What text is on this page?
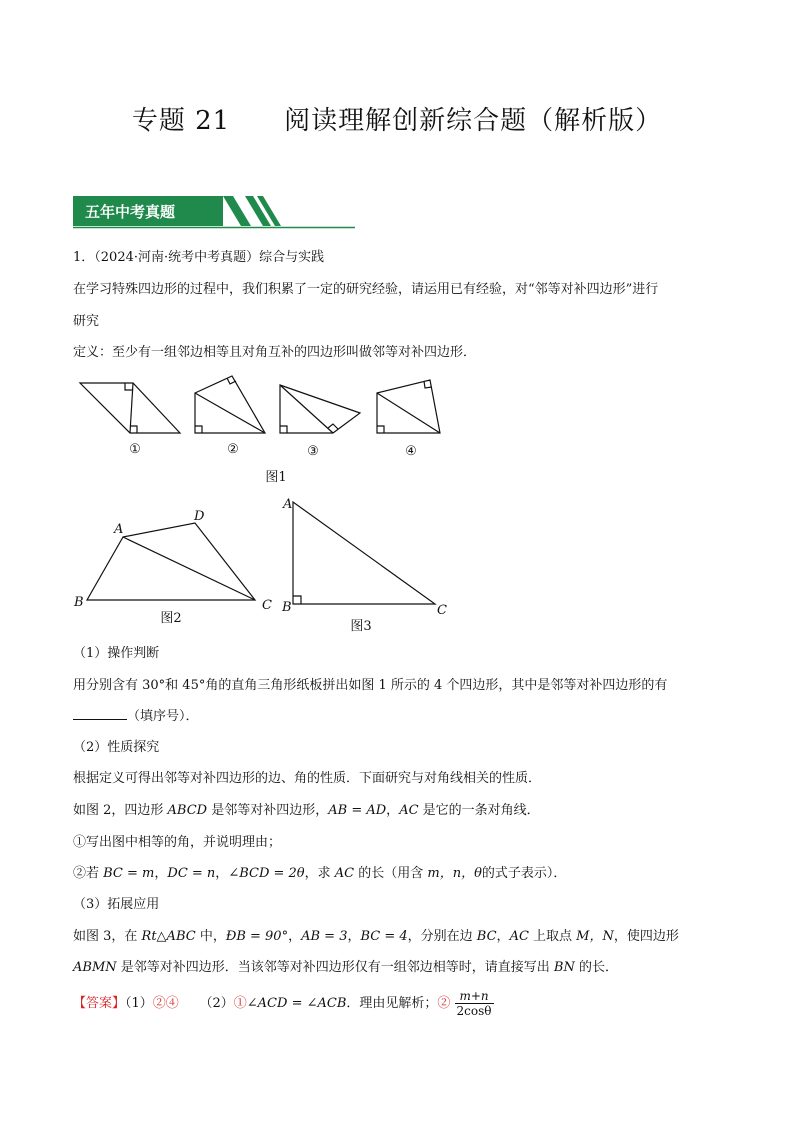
专题 21　　阅读理解创新综合题（解析版）
五年中考真题
1．（2024·河南·统考中考真题）综合与实践
在学习特殊四边形的过程中，我们积累了一定的研究经验，请运用已有经验，对“邻等对补四边形”进行
研究
定义：至少有一组邻边相等且对角互补的四边形叫做邻等对补四边形．
①	②	③	④
图1
A
D
B	C
图2
A
B	C
图3
（1）操作判断
用分别含有 30°和 45°角的直角三角形纸板拼出如图 1 所示的 4 个四边形，其中是邻等对补四边形的有
（填序号）．
（2）性质探究
根据定义可得出邻等对补四边形的边、角的性质．下面研究与对角线相关的性质．
如图 2，四边形 ABCD 是邻等对补四边形，AB = AD，AC 是它的一条对角线．
①写出图中相等的角，并说明理由；
②若 BC = m，DC = n，∠BCD = 2θ，求 AC 的长（用含 m，n，θ的式子表示）．
（3）拓展应用
如图 3，在 Rt△ABC 中，ÐB = 90°，AB = 3，BC = 4，分别在边 BC，AC 上取点 M，N，使四边形
ABMN 是邻等对补四边形．当该邻等对补四边形仅有一组邻边相等时，请直接写出 BN 的长．
【答案】（1）②④ （2）①∠ACD = ∠ACB．理由见解析；② $\frac{m+n}{2\cos\theta}$
